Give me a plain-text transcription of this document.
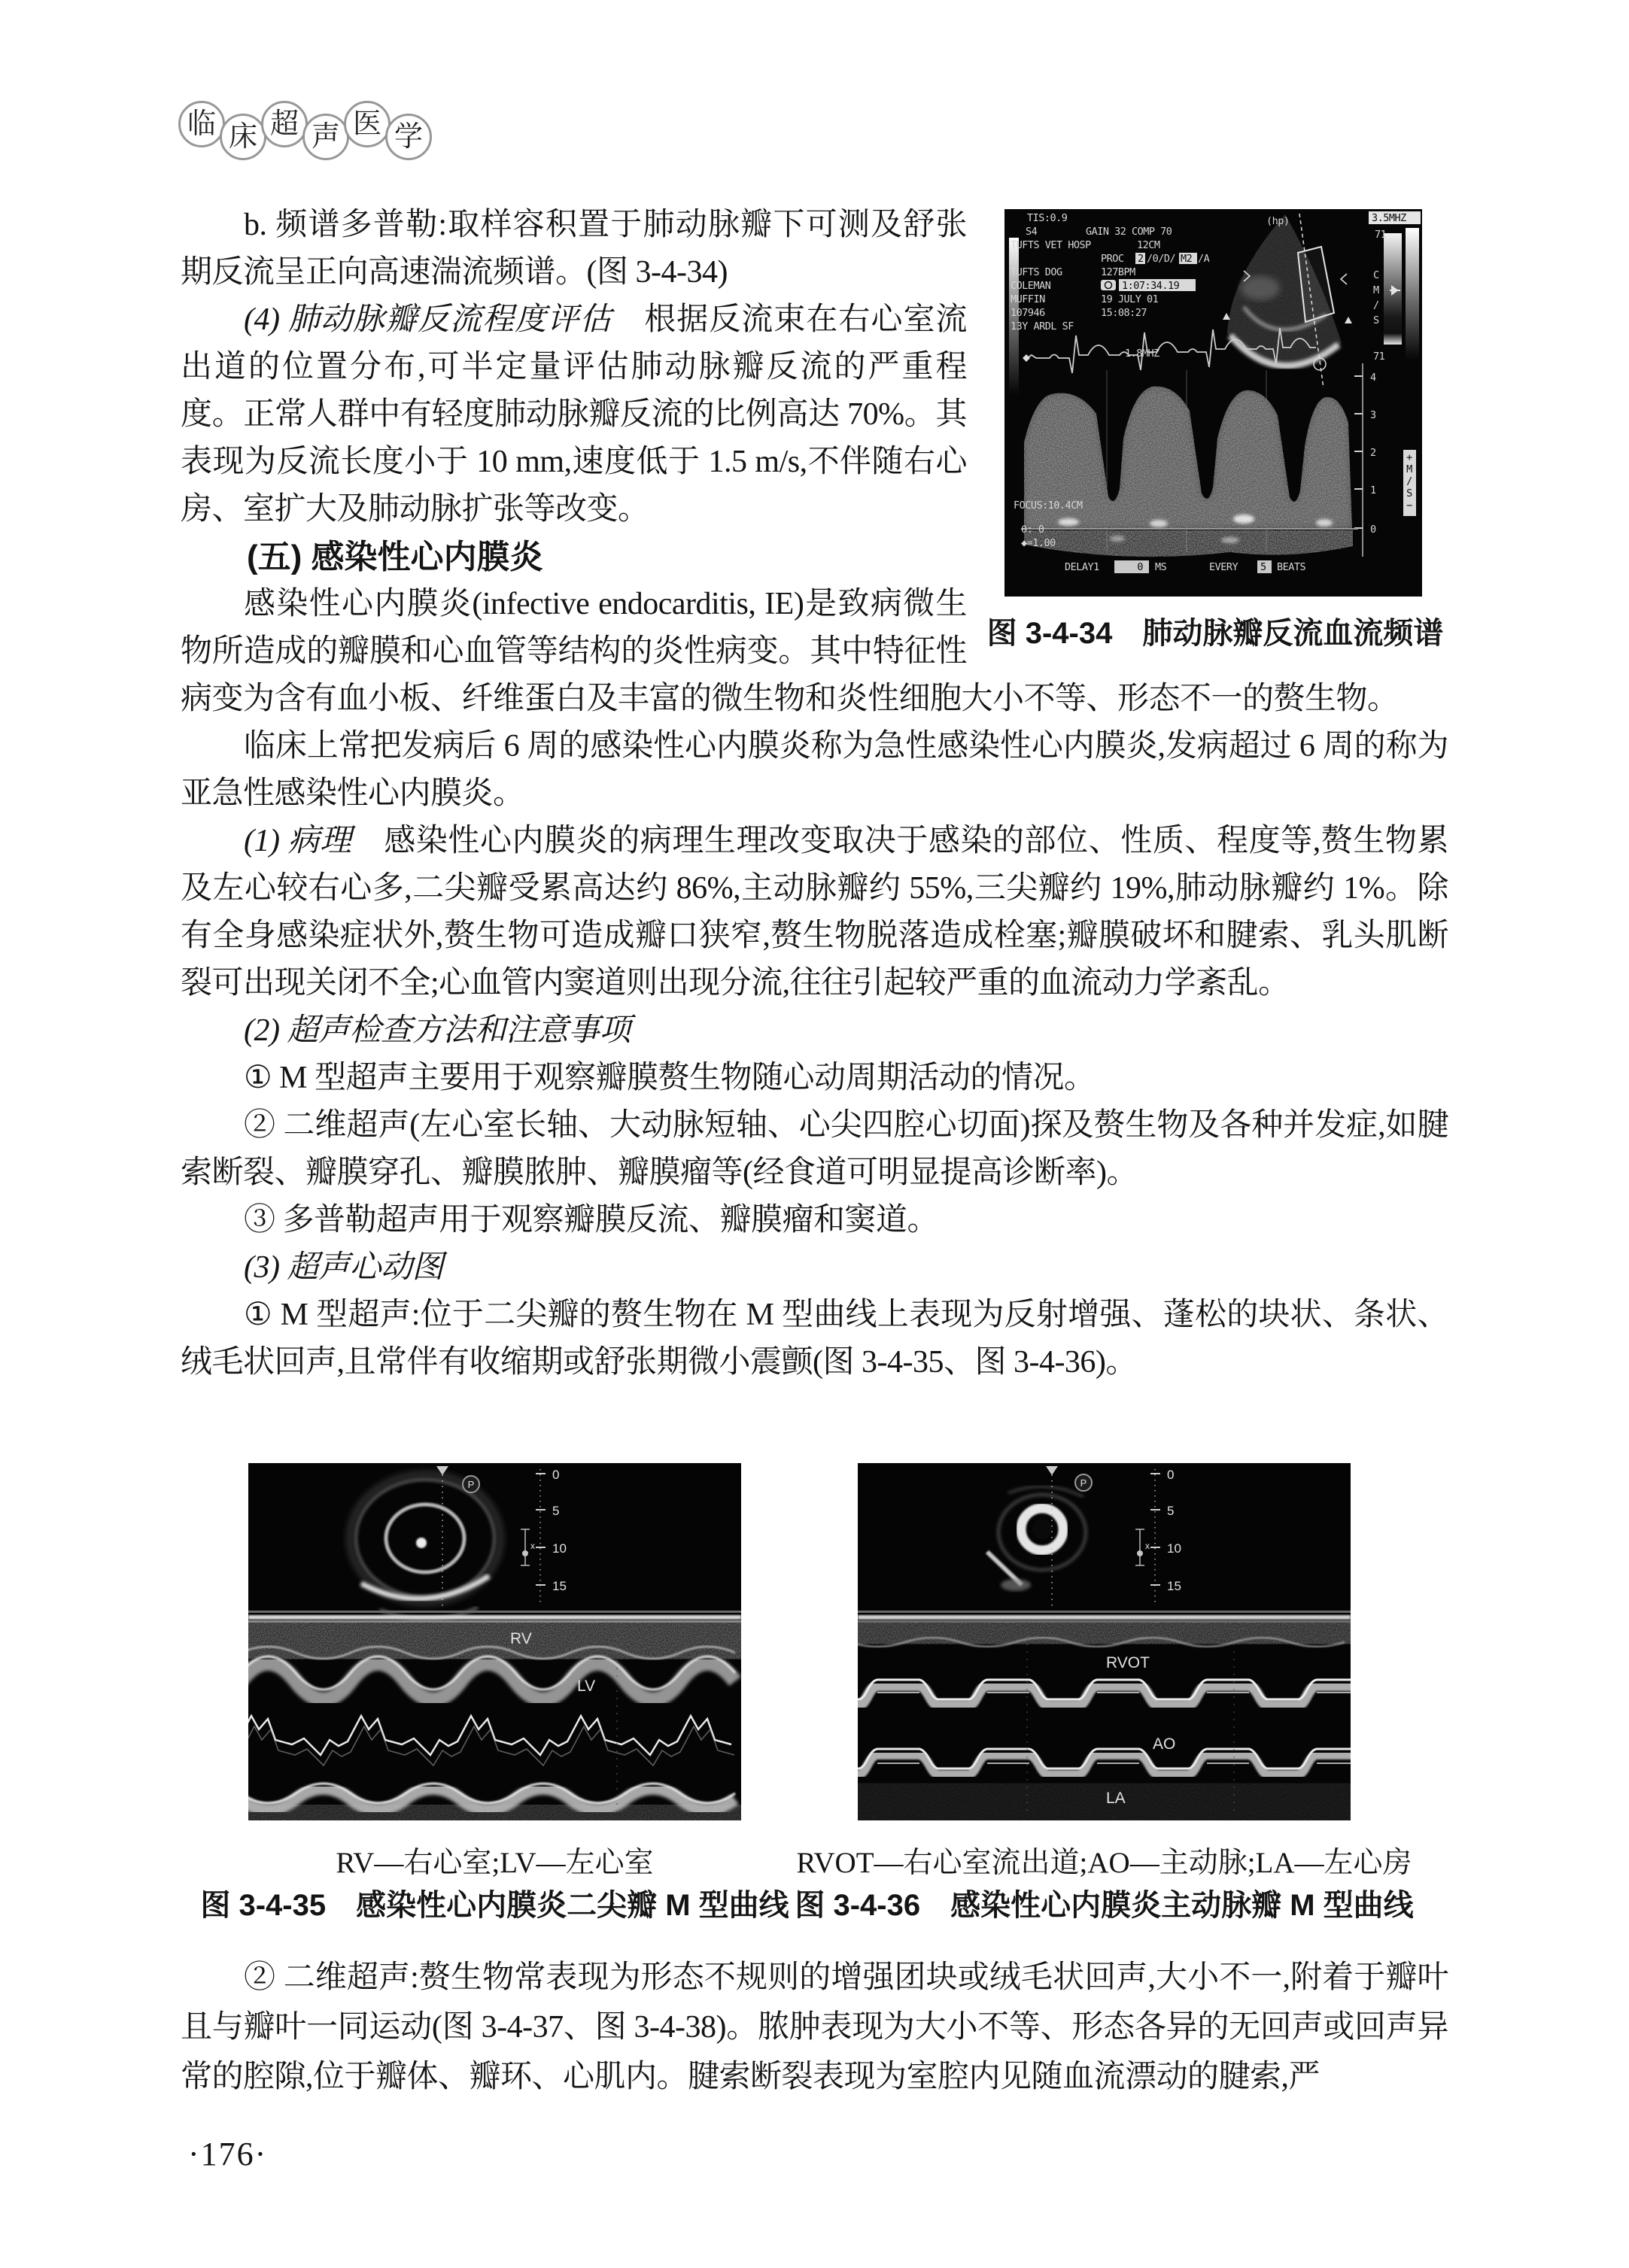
临 床 超 声 医 学
TIS:0.9
S4	GAIN 32 COMP 70
TUFTS VET HOSP	12CM
PROC 2 /0/D/ M2 /A
TUFTS DOG	127BPM
COLEMAN	1:07:34.19
MUFFIN	19 JULY 01
107946	15:08:27
13Y ARDL SF
1.8MHZ
(hp)	3.5MHZ
71
C
M
/
S
71
4
3
2
1
0
+
M
/
S
−
FOCUS:10.4CM
θ: 0
◆=1.00
DELAY1	0 MS	EVERY 5 BEATS
图 3-4-34　肺动脉瓣反流血流频谱

b. 频谱多普勒:取样容积置于肺动脉瓣下可测及舒张期反流呈正向高速湍流频谱。(图 3-4-34)

(4) 肺动脉瓣反流程度评估　根据反流束在右心室流出道的位置分布,可半定量评估肺动脉瓣反流的严重程度。正常人群中有轻度肺动脉瓣反流的比例高达 70%。其表现为反流长度小于 10 mm,速度低于 1.5 m/s,不伴随右心房、室扩大及肺动脉扩张等改变。

(五) 感染性心内膜炎

感染性心内膜炎(infective endocarditis, IE)是致病微生物所造成的瓣膜和心血管等结构的炎性病变。其中特征性病变为含有血小板、纤维蛋白及丰富的微生物和炎性细胞大小不等、形态不一的赘生物。

临床上常把发病后 6 周的感染性心内膜炎称为急性感染性心内膜炎,发病超过 6 周的称为亚急性感染性心内膜炎。

(1) 病理　感染性心内膜炎的病理生理改变取决于感染的部位、性质、程度等,赘生物累及左心较右心多,二尖瓣受累高达约 86%,主动脉瓣约 55%,三尖瓣约 19%,肺动脉瓣约 1%。除有全身感染症状外,赘生物可造成瓣口狭窄,赘生物脱落造成栓塞;瓣膜破坏和腱索、乳头肌断裂可出现关闭不全;心血管内窦道则出现分流,往往引起较严重的血流动力学紊乱。

(2) 超声检查方法和注意事项

① M 型超声主要用于观察瓣膜赘生物随心动周期活动的情况。

② 二维超声(左心室长轴、大动脉短轴、心尖四腔心切面)探及赘生物及各种并发症,如腱索断裂、瓣膜穿孔、瓣膜脓肿、瓣膜瘤等(经食道可明显提高诊断率)。

③ 多普勒超声用于观察瓣膜反流、瓣膜瘤和窦道。

(3) 超声心动图

① M 型超声:位于二尖瓣的赘生物在 M 型曲线上表现为反射增强、蓬松的块状、条状、绒毛状回声,且常伴有收缩期或舒张期微小震颤(图 3-4-35、图 3-4-36)。

P
0
5
10
15
x
RV
LV
RV—右心室;LV—左心室
图 3-4-35　感染性心内膜炎二尖瓣 M 型曲线
P
0
5
10
15
x
RVOT
AO
LA
RVOT—右心室流出道;AO—主动脉;LA—左心房
图 3-4-36　感染性心内膜炎主动脉瓣 M 型曲线

② 二维超声:赘生物常表现为形态不规则的增强团块或绒毛状回声,大小不一,附着于瓣叶且与瓣叶一同运动(图 3-4-37、图 3-4-38)。脓肿表现为大小不等、形态各异的无回声或回声异常的腔隙,位于瓣体、瓣环、心肌内。腱索断裂表现为室腔内见随血流漂动的腱索,严

·176·
